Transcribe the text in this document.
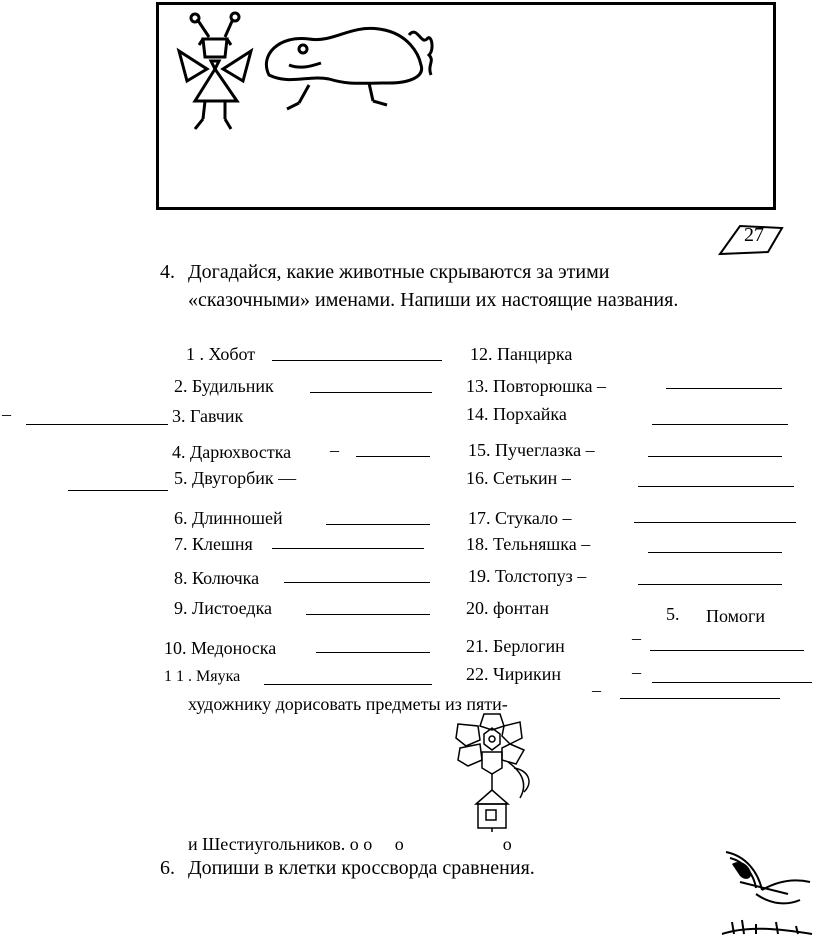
27
4. Догадайся, какие животные скрываются за этими
«сказочными» именами. Напиши их настоящие названия.
1 . Хобот
2. Будильник
–	3. Гавчик
4. Дарюхвостка –
5. Двугорбик —
6. Длинношей
7. Клешня
8. Колючка
9. Листоедка
10. Медоноска
1 1 . Мяука
12. Панцирка
13. Повторюшка –
14. Порхайка
15. Пучеглазка –
16. Сетькин –
17. Стукало –
18. Тельняшка –
19. Толстопуз –
20. фонтан
21. Берлогин	–
22. Чирикин	–
–
5. Помоги
художнику дорисовать предметы из пяти-
и Шестиугольников. о о     о                      о
6. Допиши в клетки кроссворда сравнения.
